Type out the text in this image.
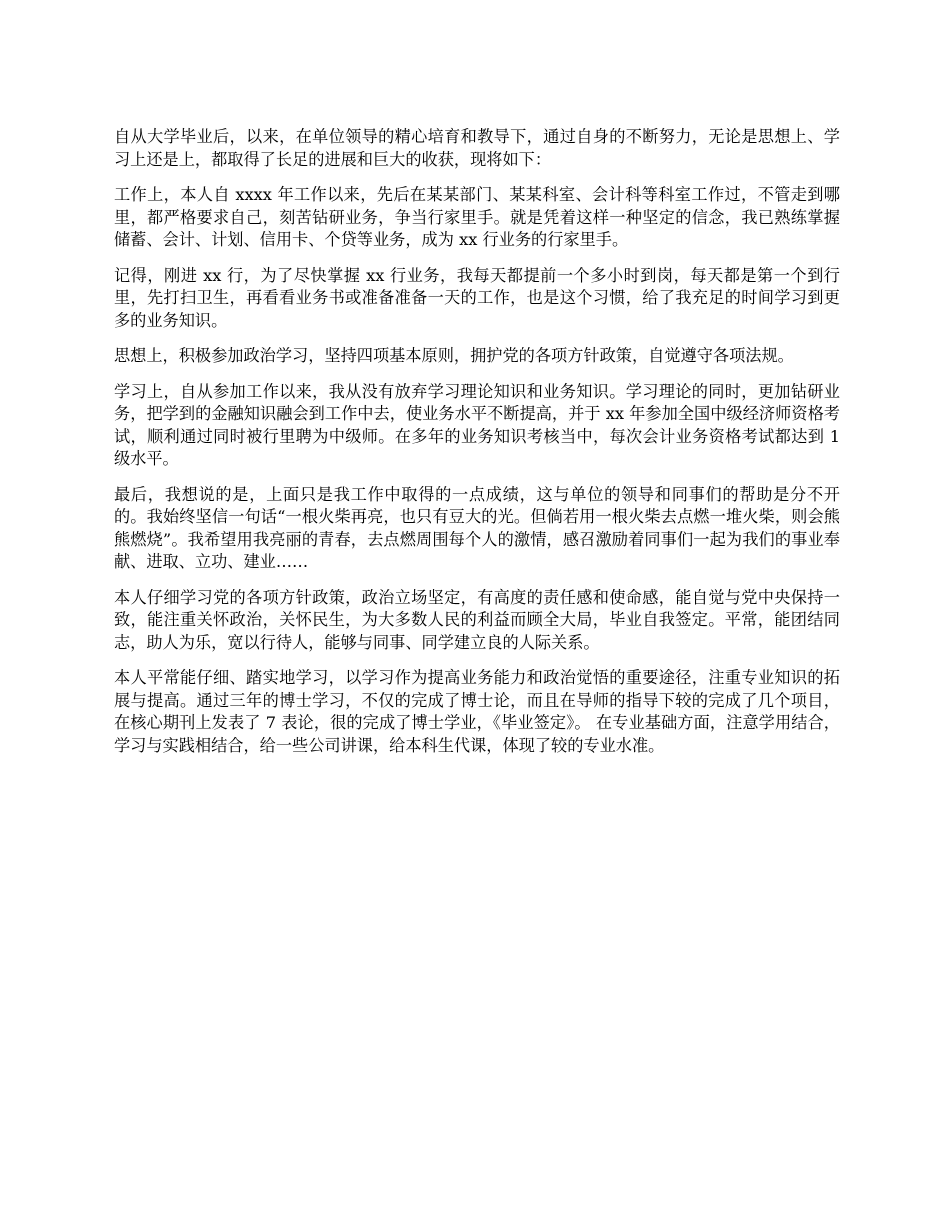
自从大学毕业后，以来，在单位领导的精心培育和教导下，通过自身的不断努力，无论是思想上、学习上还是上，都取得了长足的进展和巨大的收获，现将如下：

工作上，本人自 xxxx 年工作以来，先后在某某部门、某某科室、会计科等科室工作过，不管走到哪里，都严格要求自己，刻苦钻研业务，争当行家里手。就是凭着这样一种坚定的信念，我已熟练掌握储蓄、会计、计划、信用卡、个贷等业务，成为 xx 行业务的行家里手。

记得，刚进 xx 行，为了尽快掌握 xx 行业务，我每天都提前一个多小时到岗，每天都是第一个到行里，先打扫卫生，再看看业务书或准备准备一天的工作，也是这个习惯，给了我充足的时间学习到更多的业务知识。

思想上，积极参加政治学习，坚持四项基本原则，拥护党的各项方针政策，自觉遵守各项法规。

学习上，自从参加工作以来，我从没有放弃学习理论知识和业务知识。学习理论的同时，更加钻研业务，把学到的金融知识融会到工作中去，使业务水平不断提高，并于 xx 年参加全国中级经济师资格考试，顺利通过同时被行里聘为中级师。在多年的业务知识考核当中，每次会计业务资格考试都达到 1 级水平。

最后，我想说的是，上面只是我工作中取得的一点成绩，这与单位的领导和同事们的帮助是分不开的。我始终坚信一句话“一根火柴再亮，也只有豆大的光。但倘若用一根火柴去点燃一堆火柴，则会熊熊燃烧”。我希望用我亮丽的青春，去点燃周围每个人的激情，感召激励着同事们一起为我们的事业奉献、进取、立功、建业……

本人仔细学习党的各项方针政策，政治立场坚定，有高度的责任感和使命感，能自觉与党中央保持一致，能注重关怀政治，关怀民生，为大多数人民的利益而顾全大局，毕业自我签定。平常，能团结同志，助人为乐，宽以行待人，能够与同事、同学建立良的人际关系。

本人平常能仔细、踏实地学习，以学习作为提高业务能力和政治觉悟的重要途径，注重专业知识的拓展与提高。通过三年的博士学习，不仅的完成了博士论，而且在导师的指导下较的完成了几个项目，在核心期刊上发表了 7 表论，很的完成了博士学业，《毕业签定》。 在专业基础方面，注意学用结合，学习与实践相结合，给一些公司讲课，给本科生代课，体现了较的专业水准。
